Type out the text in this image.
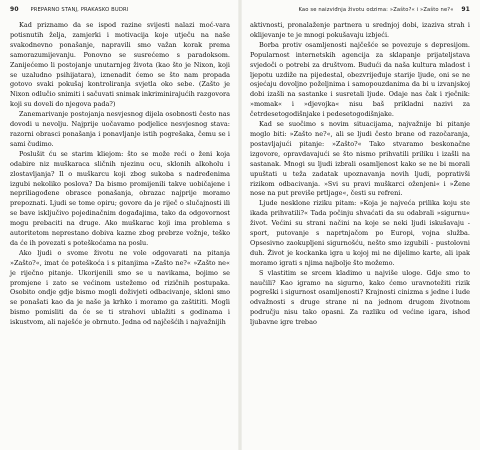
90 PREPARNO STANJ, PRAKASKO BUDRI

Kad priznamo da se ispod razine svijesti nalazi moć-vara potisnutih želja, zamjerki i motivacija koje utječu na naše svakodnevno ponašanje, napravili smo važan korak prema samorazumijevanju. Ponovno se susrećemo s paradoksom. Zanijećemo li postojanje unutarnjeg života (kao što je Nixon, koji se uzaludno psihijatara), iznenadit ćemo se što nam propada gotovo svaki pokušaj kontroliranja svjetla oko sebe. (Zašto je Nixon odlučio snimiti i sačuvati snimak inkriminirajućih razgovora koji su doveli do njegova pada?)

Zanemarivanje postojanja nesvjesnog dijela osobnosti često nas dovodi u nevolju. Najprije uočavamo podjelice nesvjesnog stava: razorni obrasci ponašanja i ponavljanje istih pogrešaka, čemu se i sami čudimo.

Poslušit ću se starim kliejom: što se može reći o ženi koja odabire niz muškaraca sličnih njezinu ocu, sklonih alkoholu i zlostavljanja? Il o muškarcu koji zbog sukoba s nadređenima izgubi nekoliko poslova? Da bismo promijenili takve uobičajene i nepriliagođene obrasce ponašanja, obrazac najprije moramo prepoznati. Ljudi se tome opiru; govore da je riječ o slučajnosti ili se bave isključivo pojedinačnim događajima, tako da odgovornost mogu prebaciti na druge. Ako muškarac koji ima problema s autoritetom neprestano dobiva kazne zbog prebrze vožnje, teško da će ih povezati s poteškoćama na poslu.

Ako ljudi o svome životu ne vole odgovarati na pitanja »Zašto?«, imat će poteškoća i s pitanjima »Zašto ne?« »Zašto ne« je riječno pitanje. Ukorijenili smo se u navikama, bojimo se promjene i zato se većinom ustežemo od rizičnih postupaka. Osobito ondje gdje bismo mogli doživjeti odbacivanje, skloni smo se ponašati kao da je naše ja krhko i moramo ga zaštititi. Mogli bismo pomisliti da će se ti strahovi ublažiti s godinama i iskustvom, ali naješće je obrnuto. Jedna od najčešćih i najvažnijih

Kao se naizviđnja životu odzima: »Zašto?« i »Zašto ne?« 91

aktivnosti, pronalaženje partnera u srednjoj dobi, izaziva strah i oklijevanje te je mnogi pokušavaju izbjeći.

Borba protiv osamljenosti najčešće se povezuje s depresijom. Popularnost internetskih agencija za sklapanje prijateljstava svjedoči o potrebi za društvom. Budući da naša kultura mladost i ljepotu uzdiže na pijedestal, obezvrijeđuje starije ljude, oni se ne osjećaju dovoljno poželjnima i samopouzdanima da bi u izvanjskoj dobi izašli na sastanke i susretali ljude. Odaje nas čak i rječnik: »momak« i »djevojka« nisu baš prikladni nazivi za četrdesetogodišnjake i pedesetogodišnjake.

Kad se suočimo s novim situacijama, najvažnije bi pitanje moglo biti: »Zašto ne?«, ali se ljudi često brane od razočaranja, postavljajući pitanje: »Zašto?« Tako stvaramo beskonačne izgovore, opravdavajući se što nismo prihvatili priliku i izašli na sastanak. Mnogi su ljudi izbrali osamljenost kako se ne bi morali upuštati u teža zadatak upoznavanja novih ljudi, poprativši rizikom odbacivanja. »Svi su pravi muškarci oženjeni« i »Žene nose na put previše prtljage«, česti su refreni.

Ljude nesklone riziku pitam: »Koja je najveća prilika koju ste ikada prihvatili?« Tada počinju shvaćati da su odabrali »sigurnu« život. Većini su strani načini na koje se neki ljudi iskušavaju - sport, putovanje s naprtnjačom po Europi, vojna služba. Opsesivno zaokupljeni sigurnošću, nešto smo izgubili - pustolovni duh. Život je kockanka igra u kojoj mi ne dijelimo karte, ali ipak moramo igrati s njima najbolje što možemo.

S vlastitim se srcem kladimo u najviše uloge. Gdje smo to naučili? Kao igramo na sigurno, kako ćemo uravnotežiti rizik pogreški i sigurnost osamljenosti? Krajnosti cinizma s jedne i lude odvažnosti s druge strane ni na jednom drugom životnom području nisu tako opasni. Za razliku od većine igara, ishod ljubavne igre trebao
